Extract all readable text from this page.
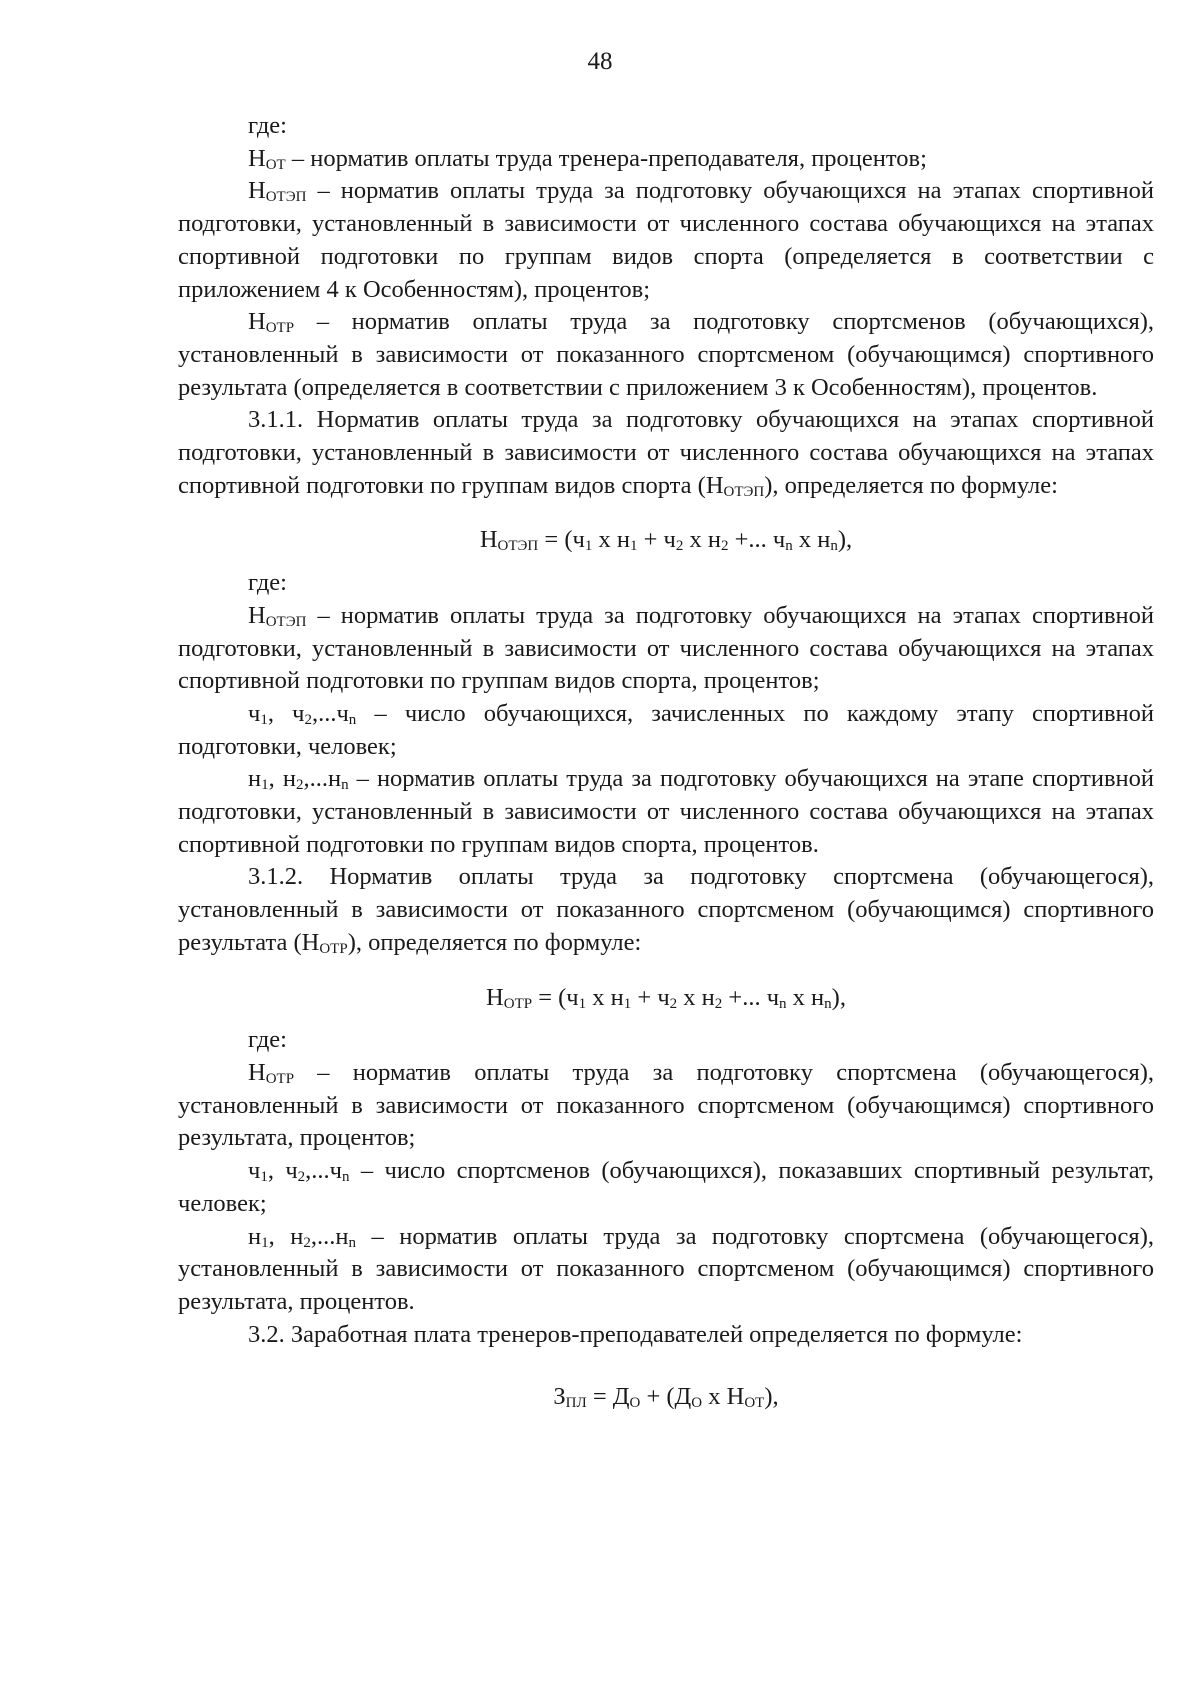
48

где:

$Н_{ОТ}$ – норматив оплаты труда тренера-преподавателя, процентов;

$Н_{ОТЭП}$ – норматив оплаты труда за подготовку обучающихся на этапах спортивной подготовки, установленный в зависимости от численного состава обучающихся на этапах спортивной подготовки по группам видов спорта (определяется в соответствии с приложением 4 к Особенностям), процентов;

$Н_{ОТР}$ – норматив оплаты труда за подготовку спортсменов (обучающихся), установленный в зависимости от показанного спортсменом (обучающимся) спортивного результата (определяется в соответствии с приложением 3 к Особенностям), процентов.

3.1.1. Норматив оплаты труда за подготовку обучающихся на этапах спортивной подготовки, установленный в зависимости от численного состава обучающихся на этапах спортивной подготовки по группам видов спорта $(Н_{ОТЭП})$, определяется по формуле:

$Н_{ОТЭП} = (ч_1$ х $н_1 + ч_2$ х $н_2$ +... $ч_n$ х $н_n$),

где:

$Н_{ОТЭП}$ – норматив оплаты труда за подготовку обучающихся на этапах спортивной подготовки, установленный в зависимости от численного состава обучающихся на этапах спортивной подготовки по группам видов спорта, процентов;

$ч_1$, $ч_2,...ч_n$ – число обучающихся, зачисленных по каждому этапу спортивной подготовки, человек;

$н_1$, $н_2,...н_n$ – норматив оплаты труда за подготовку обучающихся на этапе спортивной подготовки, установленный в зависимости от численного состава обучающихся на этапах спортивной подготовки по группам видов спорта, процентов.

3.1.2. Норматив оплаты труда за подготовку спортсмена (обучающегося), установленный в зависимости от показанного спортсменом (обучающимся) спортивного результата $(Н_{ОТР})$, определяется по формуле:

$Н_{ОТР} = (ч_1$ х $н_1 + ч_2$ х $н_2$ +... $ч_n$ х $н_n$),

где:

$Н_{ОТР}$ – норматив оплаты труда за подготовку спортсмена (обучающегося), установленный в зависимости от показанного спортсменом (обучающимся) спортивного результата, процентов;

$ч_1$, $ч_2,...ч_n$ – число спортсменов (обучающихся), показавших спортивный результат, человек;

$н_1$, $н_2,...н_n$ – норматив оплаты труда за подготовку спортсмена (обучающегося), установленный в зависимости от показанного спортсменом (обучающимся) спортивного результата, процентов.

3.2. Заработная плата тренеров-преподавателей определяется по формуле:

$З_{ПЛ} = Д_О + (Д_О$ х $Н_{ОТ}$),
